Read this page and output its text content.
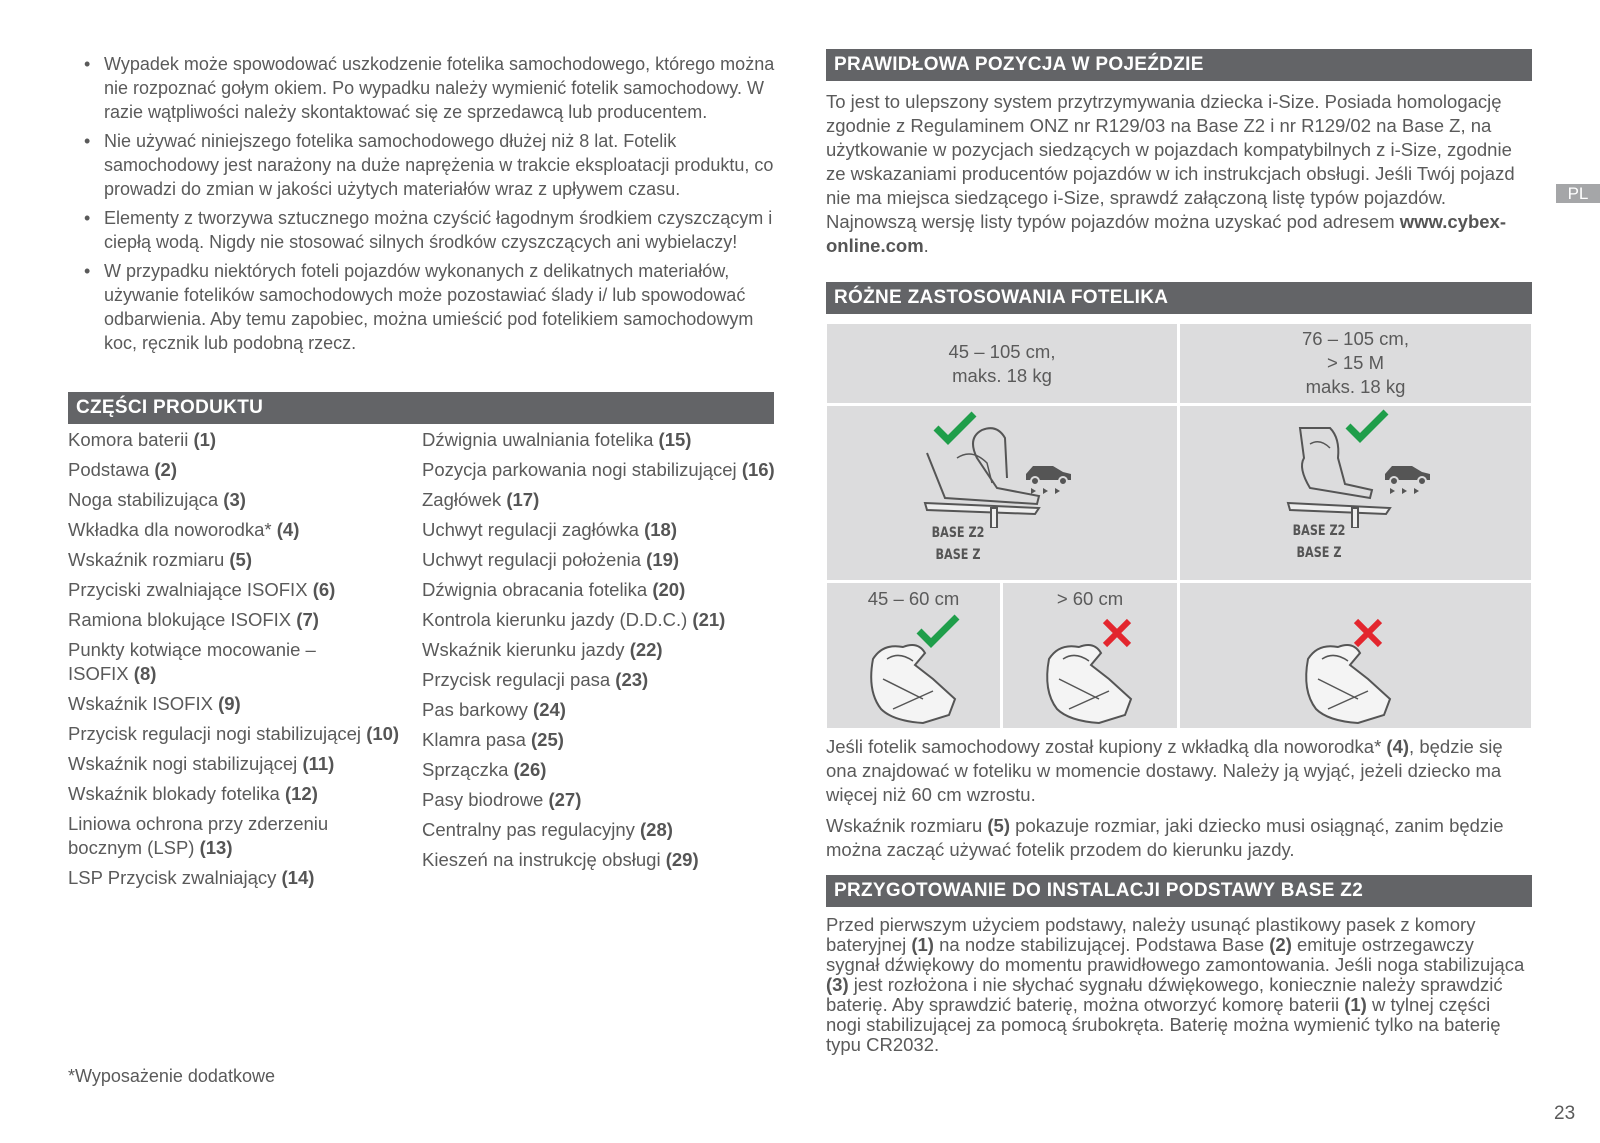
• Wypadek może spowodować uszkodzenie fotelika samochodowego, którego można nie rozpoznać gołym okiem. Po wypadku należy wymienić fotelik samochodowy. W razie wątpliwości należy skontaktować się ze sprzedawcą lub producentem.
• Nie używać niniejszego fotelika samochodowego dłużej niż 8 lat. Fotelik samochodowy jest narażony na duże naprężenia w trakcie eksploatacji produktu, co prowadzi do zmian w jakości użytych materiałów wraz z upływem czasu.
• Elementy z tworzywa sztucznego można czyścić łagodnym środkiem czyszczącym i ciepłą wodą. Nigdy nie stosować silnych środków czyszczących ani wybielaczy!
• W przypadku niektórych foteli pojazdów wykonanych z delikatnych materiałów, używanie fotelików samochodowych może pozostawiać ślady i/ lub spowodować odbarwienia. Aby temu zapobiec, można umieścić pod fotelikiem samochodowym koc, ręcznik lub podobną rzecz.
CZĘŚCI PRODUKTU
Komora baterii (1)
Podstawa (2)
Noga stabilizująca (3)
Wkładka dla noworodka* (4)
Wskaźnik rozmiaru (5)
Przyciski zwalniające ISOFIX (6)
Ramiona blokujące ISOFIX (7)
Punkty kotwiące mocowanie – ISOFIX (8)
Wskaźnik ISOFIX (9)
Przycisk regulacji nogi stabilizującej (10)
Wskaźnik nogi stabilizującej (11)
Wskaźnik blokady fotelika (12)
Liniowa ochrona przy zderzeniu bocznym (LSP) (13)
LSP Przycisk zwalniający (14)
Dźwignia uwalniania fotelika (15)
Pozycja parkowania nogi stabilizującej (16)
Zagłówek (17)
Uchwyt regulacji zagłówka (18)
Uchwyt regulacji położenia (19)
Dźwignia obracania fotelika (20)
Kontrola kierunku jazdy (D.D.C.) (21)
Wskaźnik kierunku jazdy (22)
Przycisk regulacji pasa (23)
Pas barkowy (24)
Klamra pasa (25)
Sprzączka (26)
Pasy biodrowe (27)
Centralny pas regulacyjny (28)
Kieszeń na instrukcję obsługi (29)
*Wyposażenie dodatkowe
PRAWIDŁOWA POZYCJA W POJEŹDZIE

To jest to ulepszony system przytrzymywania dziecka i-Size. Posiada homologację zgodnie z Regulaminem ONZ nr R129/03 na Base Z2 i nr R129/02 na Base Z, na użytkowanie w pozycjach siedzących w pojazdach kompatybilnych z i-Size, zgodnie ze wskazaniami producentów pojazdów w ich instrukcjach obsługi. Jeśli Twój pojazd nie ma miejsca siedzącego i-Size, sprawdź załączoną listę typów pojazdów. Najnowszą wersję listy typów pojazdów można uzyskać pod adresem www.cybex-online.com.

PL
RÓŻNE ZASTOSOWANIA FOTELIKA
45 – 105 cm,
maks. 18 kg
76 – 105 cm,
> 15 M
maks. 18 kg
BASE Z2
BASE Z
BASE Z2
BASE Z
45 – 60 cm	> 60 cm

Jeśli fotelik samochodowy został kupiony z wkładką dla noworodka* (4), będzie się ona znajdować w foteliku w momencie dostawy. Należy ją wyjąć, jeżeli dziecko ma więcej niż 60 cm wzrostu.

Wskaźnik rozmiaru (5) pokazuje rozmiar, jaki dziecko musi osiągnąć, zanim będzie można zacząć używać fotelik przodem do kierunku jazdy.

PRZYGOTOWANIE DO INSTALACJI PODSTAWY BASE Z2

Przed pierwszym użyciem podstawy, należy usunąć plastikowy pasek z komory bateryjnej (1) na nodze stabilizującej. Podstawa Base (2) emituje ostrzegawczy sygnał dźwiękowy do momentu prawidłowego zamontowania. Jeśli noga stabilizująca (3) jest rozłożona i nie słychać sygnału dźwiękowego, koniecznie należy sprawdzić baterię. Aby sprawdzić baterię, można otworzyć komorę baterii (1) w tylnej części nogi stabilizującej za pomocą śrubokręta. Baterię można wymienić tylko na baterię typu CR2032.

23
